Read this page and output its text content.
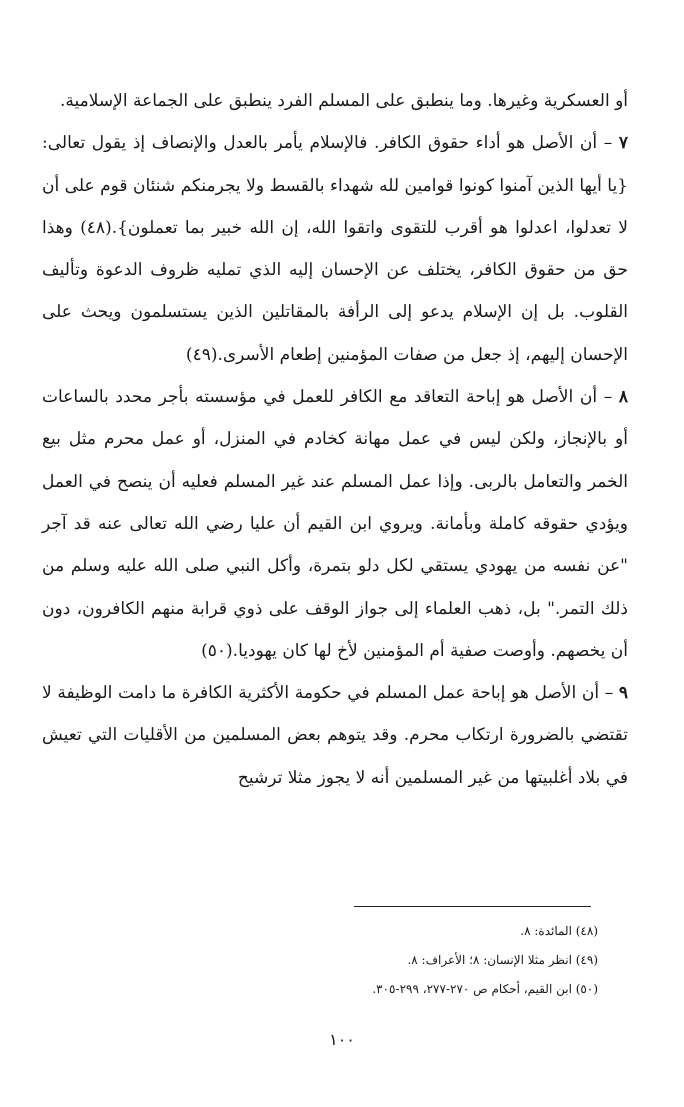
أو العسكرية وغيرها. وما ينطبق على المسلم الفرد ينطبق على الجماعة الإسلامية.

٧ – أن الأصل هو أداء حقوق الكافر. فالإسلام يأمر بالعدل والإنصاف إذ يقول تعالى: {يا أيها الذين آمنوا كونوا قوامين لله شهداء بالقسط ولا يجرمنكم شنئان قوم على أن لا تعدلوا، اعدلوا هو أقرب للتقوى واتقوا الله، إن الله خبير بما تعملون}.(٤٨) وهذا حق من حقوق الكافر، يختلف عن الإحسان إليه الذي تمليه ظروف الدعوة وتأليف القلوب. بل إن الإسلام يدعو إلى الرأفة بالمقاتلين الذين يستسلمون ويحث على الإحسان إليهم، إذ جعل من صفات المؤمنين إطعام الأسرى.(٤٩)

٨ – أن الأصل هو إباحة التعاقد مع الكافر للعمل في مؤسسته بأجر محدد بالساعات أو بالإنجاز، ولكن ليس في عمل مهانة كخادم في المنزل، أو عمل محرم مثل بيع الخمر والتعامل بالربى. وإذا عمل المسلم عند غير المسلم فعليه أن ينصح في العمل ويؤدي حقوقه كاملة وبأمانة. ويروي ابن القيم أن عليا رضي الله تعالى عنه قد آجر "عن نفسه من يهودي يستقي لكل دلو بتمرة، وأكل النبي صلى الله عليه وسلم من ذلك التمر." بل، ذهب العلماء إلى جواز الوقف على ذوي قرابة منهم الكافرون، دون أن يخصهم. وأوصت صفية أم المؤمنين لأخ لها كان يهوديا.(٥٠)

٩ – أن الأصل هو إباحة عمل المسلم في حكومة الأكثرية الكافرة ما دامت الوظيفة لا تقتضي بالضرورة ارتكاب محرم. وقد يتوهم بعض المسلمين من الأقليات التي تعيش في بلاد أغلبيتها من غير المسلمين أنه لا يجوز مثلا ترشيح

(٤٨) المائدة: ٨.

(٤٩) انظر مثلا الإنسان: ٨؛ الأعراف: ٨.

(٥٠) ابن القيم، أحكام ص ٢٧٠-٢٧٧، ٢٩٩-٣٠٥.

١٠٠
